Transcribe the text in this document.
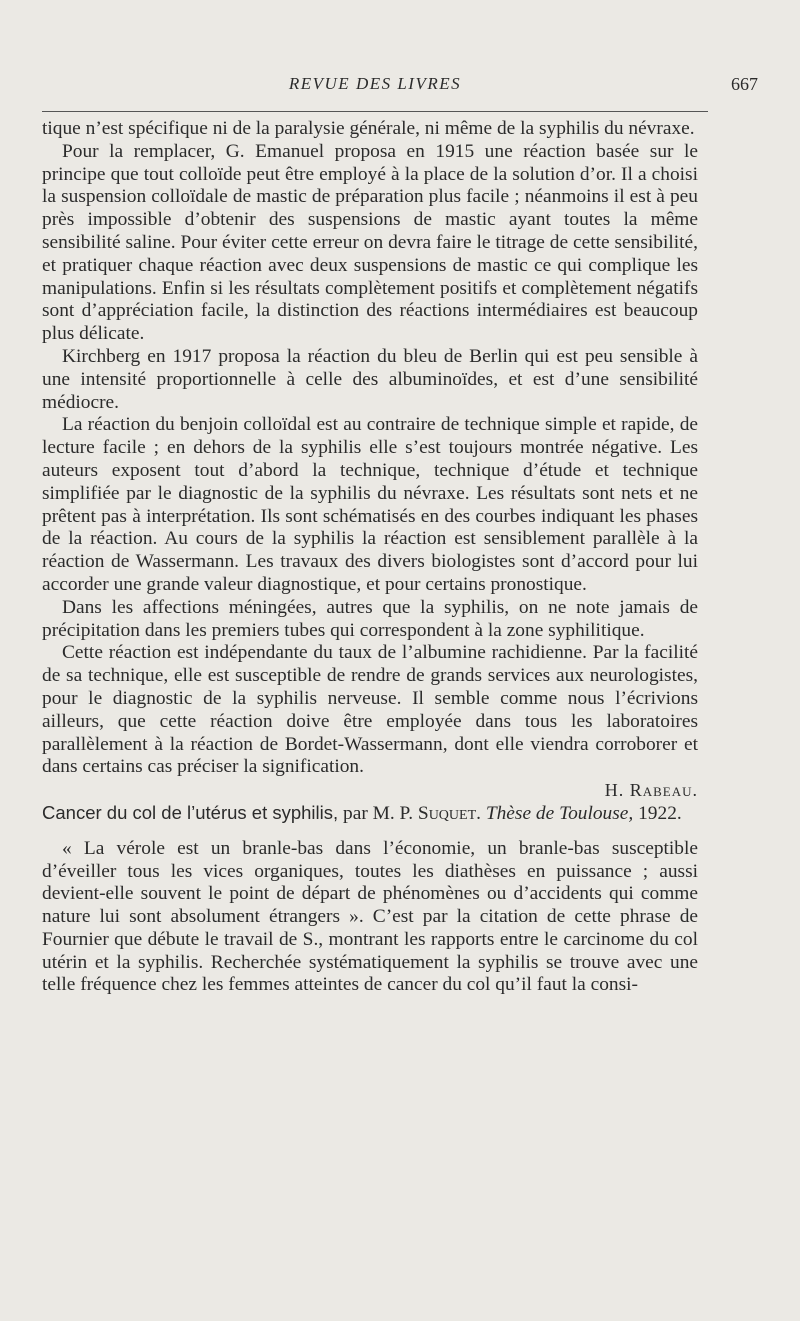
REVUE DES LIVRES	667

tique n’est spécifique ni de la paralysie générale, ni même de la syphilis du névraxe.

Pour la remplacer, G. Emanuel proposa en 1915 une réaction basée sur le principe que tout colloïde peut être employé à la place de la solution d’or. Il a choisi la suspension colloïdale de mastic de préparation plus facile ; néanmoins il est à peu près impossible d’obtenir des suspensions de mastic ayant toutes la même sensibilité saline. Pour éviter cette erreur on devra faire le titrage de cette sensibilité, et pratiquer chaque réaction avec deux suspensions de mastic ce qui complique les manipulations. Enfin si les résultats complètement positifs et complètement négatifs sont d’appréciation facile, la distinction des réactions intermédiaires est beaucoup plus délicate.

Kirchberg en 1917 proposa la réaction du bleu de Berlin qui est peu sensible à une intensité proportionnelle à celle des albuminoïdes, et est d’une sensibilité médiocre.

La réaction du benjoin colloïdal est au contraire de technique simple et rapide, de lecture facile ; en dehors de la syphilis elle s’est toujours montrée négative. Les auteurs exposent tout d’abord la technique, technique d’étude et technique simplifiée par le diagnostic de la syphilis du névraxe. Les résultats sont nets et ne prêtent pas à interprétation. Ils sont schématisés en des courbes indiquant les phases de la réaction. Au cours de la syphilis la réaction est sensiblement parallèle à la réaction de Wassermann. Les travaux des divers biologistes sont d’accord pour lui accorder une grande valeur diagnostique, et pour certains pronostique.

Dans les affections méningées, autres que la syphilis, on ne note jamais de précipitation dans les premiers tubes qui correspondent à la zone syphilitique.

Cette réaction est indépendante du taux de l’albumine rachidienne. Par la facilité de sa technique, elle est susceptible de rendre de grands services aux neurologistes, pour le diagnostic de la syphilis nerveuse. Il semble comme nous l’écrivions ailleurs, que cette réaction doive être employée dans tous les laboratoires parallèlement à la réaction de Bordet-Wassermann, dont elle viendra corroborer et dans certains cas préciser la signification.

H. Rabeau.

Cancer du col de l’utérus et syphilis, par M. P. Suquet. Thèse de Toulouse, 1922.

« La vérole est un branle-bas dans l’économie, un branle-bas susceptible d’éveiller tous les vices organiques, toutes les diathèses en puissance ; aussi devient-elle souvent le point de départ de phénomènes ou d’accidents qui comme nature lui sont absolument étrangers ». C’est par la citation de cette phrase de Fournier que débute le travail de S., montrant les rapports entre le carcinome du col utérin et la syphilis. Recherchée systématiquement la syphilis se trouve avec une telle fréquence chez les femmes atteintes de cancer du col qu’il faut la consi-
